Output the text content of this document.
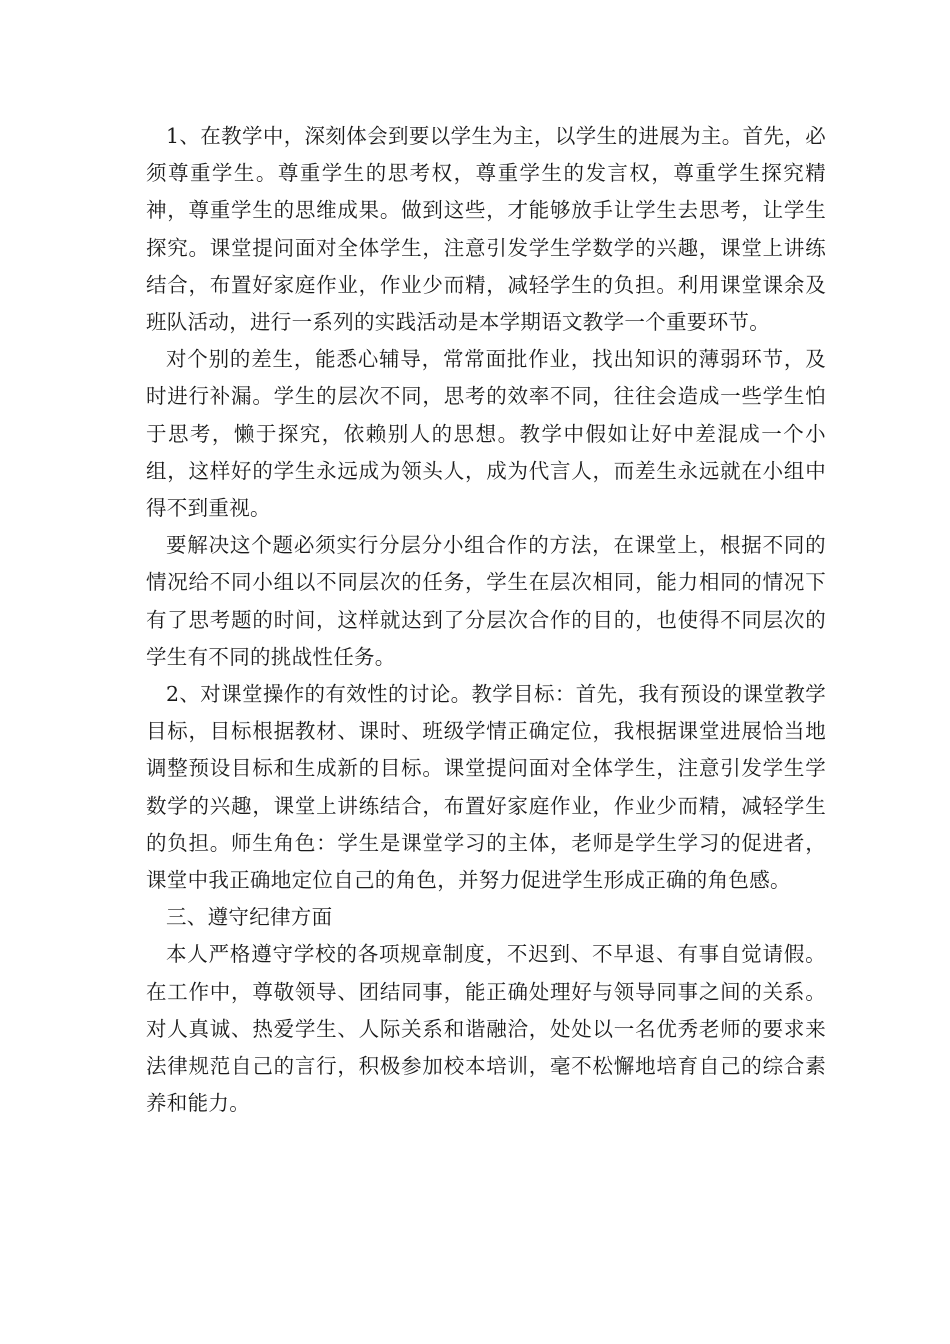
1、在教学中，深刻体会到要以学生为主，以学生的进展为主。首先，必须尊重学生。尊重学生的思考权，尊重学生的发言权，尊重学生探究精神，尊重学生的思维成果。做到这些，才能够放手让学生去思考，让学生探究。课堂提问面对全体学生，注意引发学生学数学的兴趣，课堂上讲练结合，布置好家庭作业，作业少而精，减轻学生的负担。利用课堂课余及班队活动，进行一系列的实践活动是本学期语文教学一个重要环节。

对个别的差生，能悉心辅导，常常面批作业，找出知识的薄弱环节，及时进行补漏。学生的层次不同，思考的效率不同，往往会造成一些学生怕于思考，懒于探究，依赖别人的思想。教学中假如让好中差混成一个小组，这样好的学生永远成为领头人，成为代言人，而差生永远就在小组中得不到重视。

要解决这个题必须实行分层分小组合作的方法，在课堂上，根据不同的情况给不同小组以不同层次的任务，学生在层次相同，能力相同的情况下有了思考题的时间，这样就达到了分层次合作的目的，也使得不同层次的学生有不同的挑战性任务。

2、对课堂操作的有效性的讨论。教学目标：首先，我有预设的课堂教学目标，目标根据教材、课时、班级学情正确定位，我根据课堂进展恰当地调整预设目标和生成新的目标。课堂提问面对全体学生，注意引发学生学数学的兴趣，课堂上讲练结合，布置好家庭作业，作业少而精，减轻学生的负担。师生角色：学生是课堂学习的主体，老师是学生学习的促进者，课堂中我正确地定位自己的角色，并努力促进学生形成正确的角色感。

三、遵守纪律方面

本人严格遵守学校的各项规章制度，不迟到、不早退、有事自觉请假。在工作中，尊敬领导、团结同事，能正确处理好与领导同事之间的关系。对人真诚、热爱学生、人际关系和谐融洽，处处以一名优秀老师的要求来法律规范自己的言行，积极参加校本培训，毫不松懈地培育自己的综合素养和能力。
